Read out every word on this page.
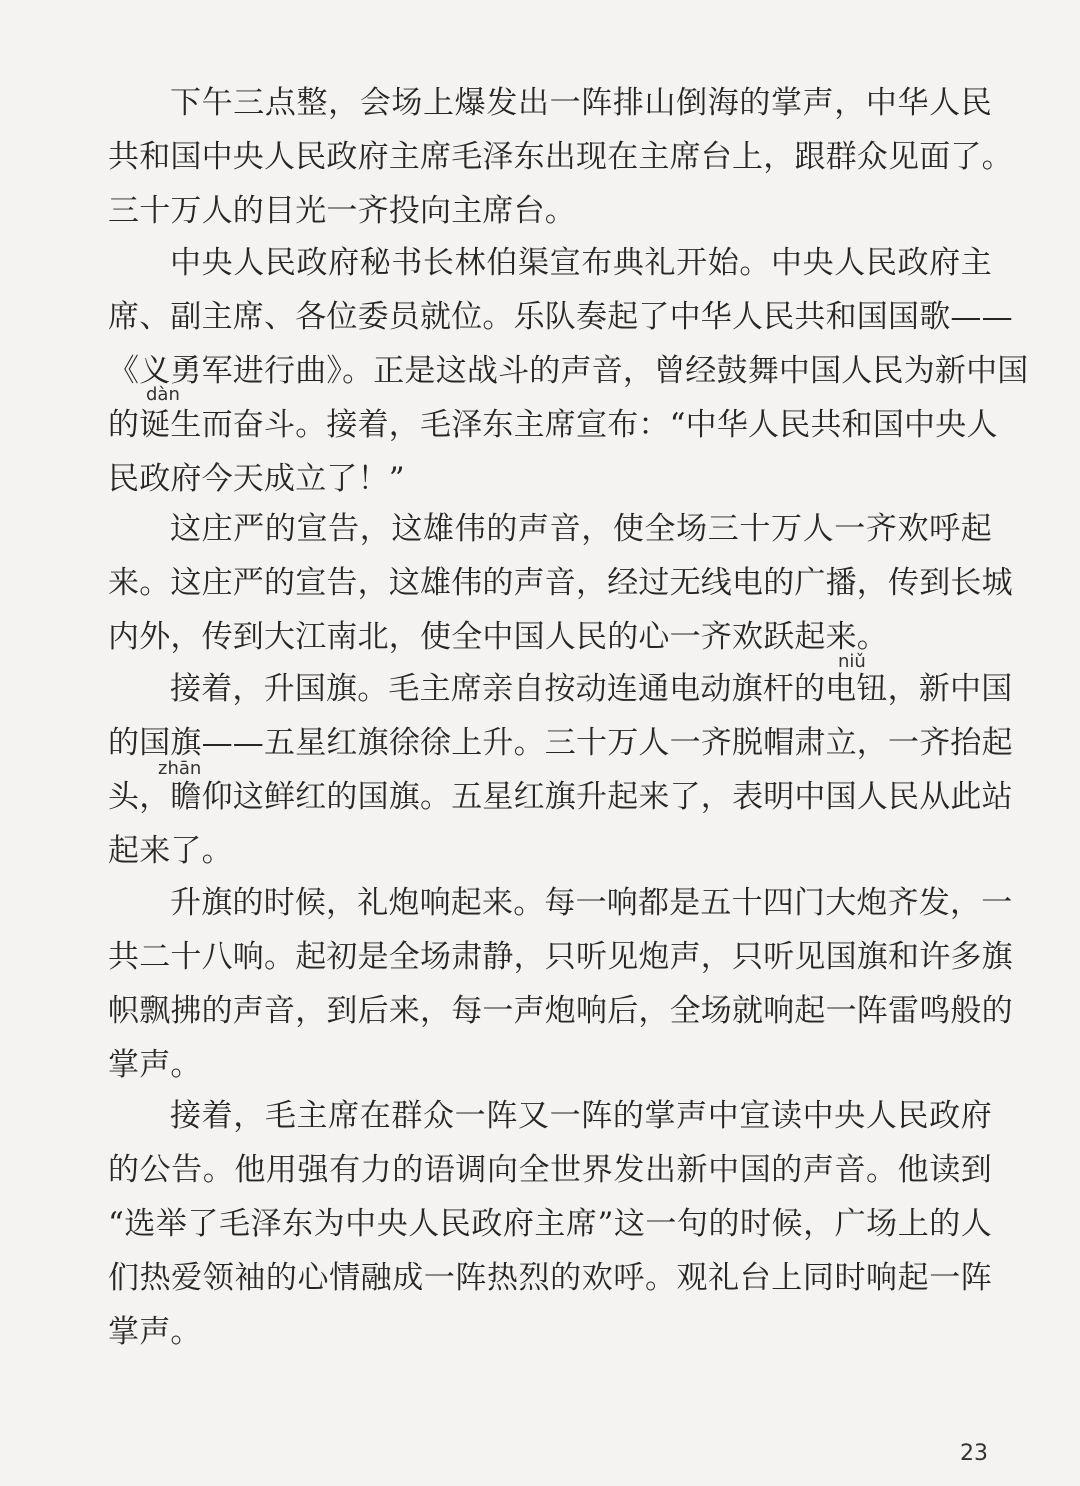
下午三点整，会场上爆发出一阵排山倒海的掌声，中华人民
共和国中央人民政府主席毛泽东出现在主席台上，跟群众见面了。
三十万人的目光一齐投向主席台。
中央人民政府秘书长林伯渠宣布典礼开始。中央人民政府主
席、副主席、各位委员就位。乐队奏起了中华人民共和国国歌——
《义勇军进行曲》。正是这战斗的声音，曾经鼓舞中国人民为新中国
的诞生而奋斗。接着，毛泽东主席宣布：“中华人民共和国中央人
民政府今天成立了！”
这庄严的宣告，这雄伟的声音，使全场三十万人一齐欢呼起
来。这庄严的宣告，这雄伟的声音，经过无线电的广播，传到长城
内外，传到大江南北，使全中国人民的心一齐欢跃起来。
接着，升国旗。毛主席亲自按动连通电动旗杆的电钮，新中国
的国旗——五星红旗徐徐上升。三十万人一齐脱帽肃立，一齐抬起
头，瞻仰这鲜红的国旗。五星红旗升起来了，表明中国人民从此站
起来了。
升旗的时候，礼炮响起来。每一响都是五十四门大炮齐发，一
共二十八响。起初是全场肃静，只听见炮声，只听见国旗和许多旗
帜飘拂的声音，到后来，每一声炮响后，全场就响起一阵雷鸣般的
掌声。
接着，毛主席在群众一阵又一阵的掌声中宣读中央人民政府
的公告。他用强有力的语调向全世界发出新中国的声音。他读到
“选举了毛泽东为中央人民政府主席”这一句的时候，广场上的人
们热爱领袖的心情融成一阵热烈的欢呼。观礼台上同时响起一阵
掌声。
dàn
niǔ
zhān
23
